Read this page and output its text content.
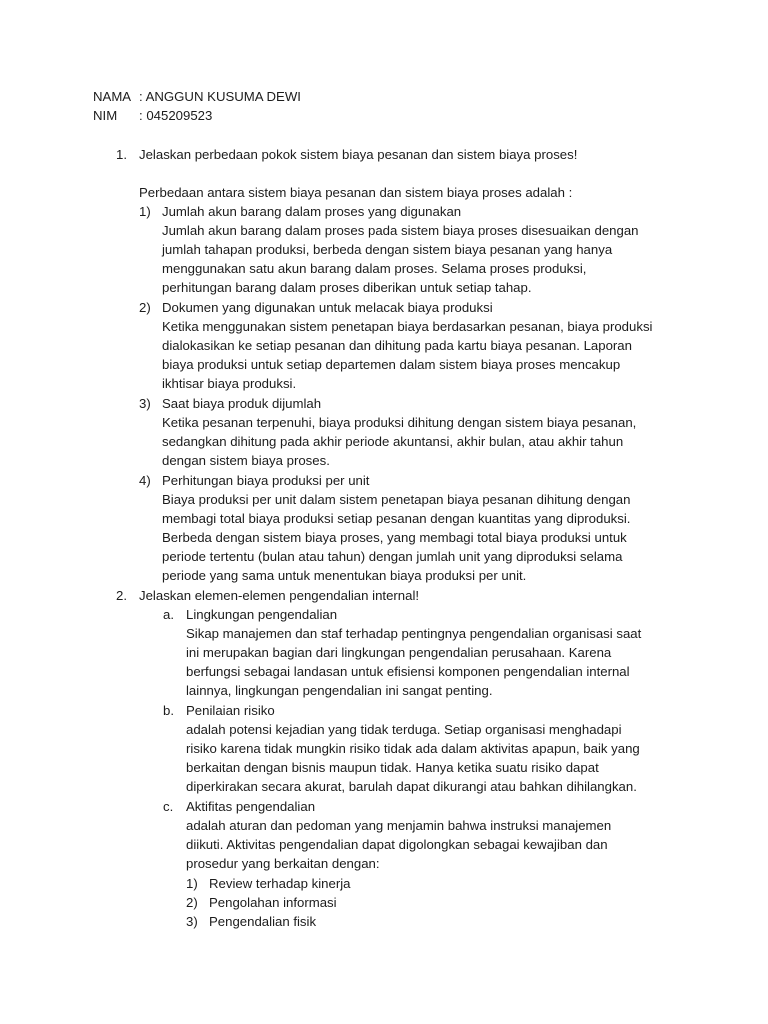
NAMA : ANGGUN KUSUMA DEWI
NIM : 045209523
1. Jelaskan perbedaan pokok sistem biaya pesanan dan sistem biaya proses!
Perbedaan antara sistem biaya pesanan dan sistem biaya proses adalah :
1) Jumlah akun barang dalam proses yang digunakan
Jumlah akun barang dalam proses pada sistem biaya proses disesuaikan dengan
jumlah tahapan produksi, berbeda dengan sistem biaya pesanan yang hanya
menggunakan satu akun barang dalam proses. Selama proses produksi,
perhitungan barang dalam proses diberikan untuk setiap tahap.
2) Dokumen yang digunakan untuk melacak biaya produksi
Ketika menggunakan sistem penetapan biaya berdasarkan pesanan, biaya produksi
dialokasikan ke setiap pesanan dan dihitung pada kartu biaya pesanan. Laporan
biaya produksi untuk setiap departemen dalam sistem biaya proses mencakup
ikhtisar biaya produksi.
3) Saat biaya produk dijumlah
Ketika pesanan terpenuhi, biaya produksi dihitung dengan sistem biaya pesanan,
sedangkan dihitung pada akhir periode akuntansi, akhir bulan, atau akhir tahun
dengan sistem biaya proses.
4) Perhitungan biaya produksi per unit
Biaya produksi per unit dalam sistem penetapan biaya pesanan dihitung dengan
membagi total biaya produksi setiap pesanan dengan kuantitas yang diproduksi.
Berbeda dengan sistem biaya proses, yang membagi total biaya produksi untuk
periode tertentu (bulan atau tahun) dengan jumlah unit yang diproduksi selama
periode yang sama untuk menentukan biaya produksi per unit.
2. Jelaskan elemen-elemen pengendalian internal!
a. Lingkungan pengendalian
Sikap manajemen dan staf terhadap pentingnya pengendalian organisasi saat
ini merupakan bagian dari lingkungan pengendalian perusahaan. Karena
berfungsi sebagai landasan untuk efisiensi komponen pengendalian internal
lainnya, lingkungan pengendalian ini sangat penting.
b. Penilaian risiko
adalah potensi kejadian yang tidak terduga. Setiap organisasi menghadapi
risiko karena tidak mungkin risiko tidak ada dalam aktivitas apapun, baik yang
berkaitan dengan bisnis maupun tidak. Hanya ketika suatu risiko dapat
diperkirakan secara akurat, barulah dapat dikurangi atau bahkan dihilangkan.
c. Aktifitas pengendalian
adalah aturan dan pedoman yang menjamin bahwa instruksi manajemen
diikuti. Aktivitas pengendalian dapat digolongkan sebagai kewajiban dan
prosedur yang berkaitan dengan:
1) Review terhadap kinerja
2) Pengolahan informasi
3) Pengendalian fisik
